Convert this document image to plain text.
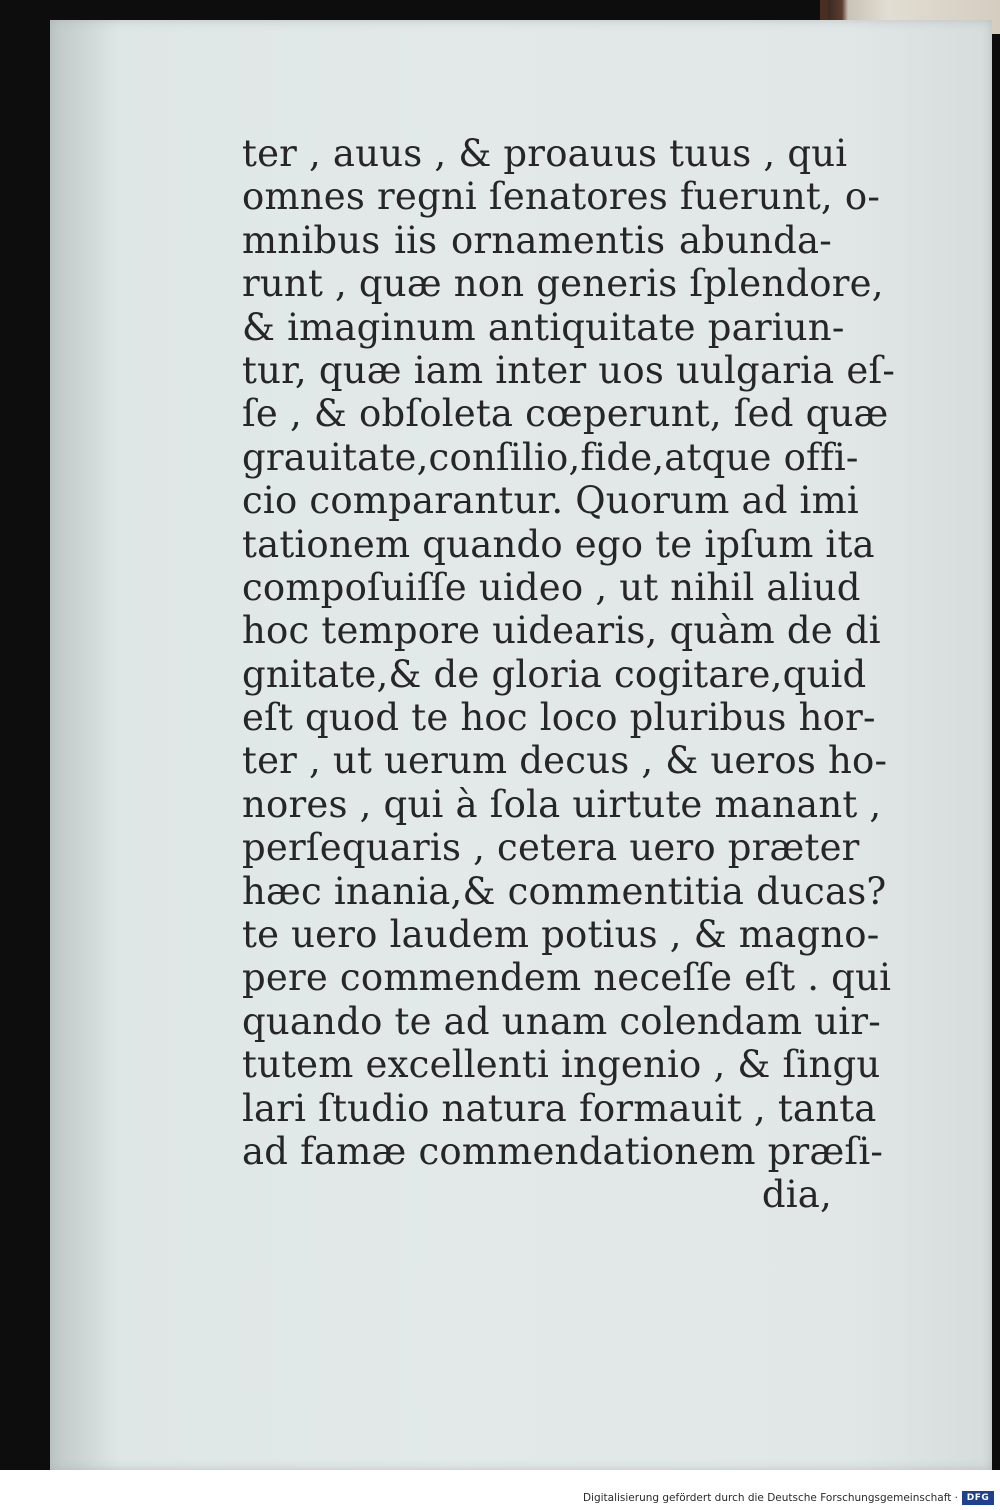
ter , auus , & proauus tuus , qui
omnes regni ſenatores fuerunt, o-
mnibus iis ornamentis abunda-
runt , quæ non generis ſplendore,
& imaginum antiquitate pariun-
tur, quæ iam inter uos uulgaria eſ-
ſe , & obſoleta cœperunt, ſed quæ
grauitate,conſilio,fide,atque offi-
cio comparantur. Quorum ad imi
tationem quando ego te ipſum ita
compoſuiſſe uideo , ut nihil aliud
hoc tempore uidearis, quàm de di
gnitate,& de gloria cogitare,quid
eſt quod te hoc loco pluribus hor-
ter , ut uerum decus , & ueros ho-
nores , qui à ſola uirtute manant ,
perſequaris , cetera uero præter
hæc inania,& commentitia ducas?
te uero laudem potius , & magno-
pere commendem neceſſe eſt . qui
quando te ad unam colendam uir-
tutem excellenti ingenio , & ſingu
lari ſtudio natura formauit , tanta
ad famæ commendationem præſi-
dia,
Digitalisierung gefördert durch die Deutsche Forschungsgemeinschaft · DFG
